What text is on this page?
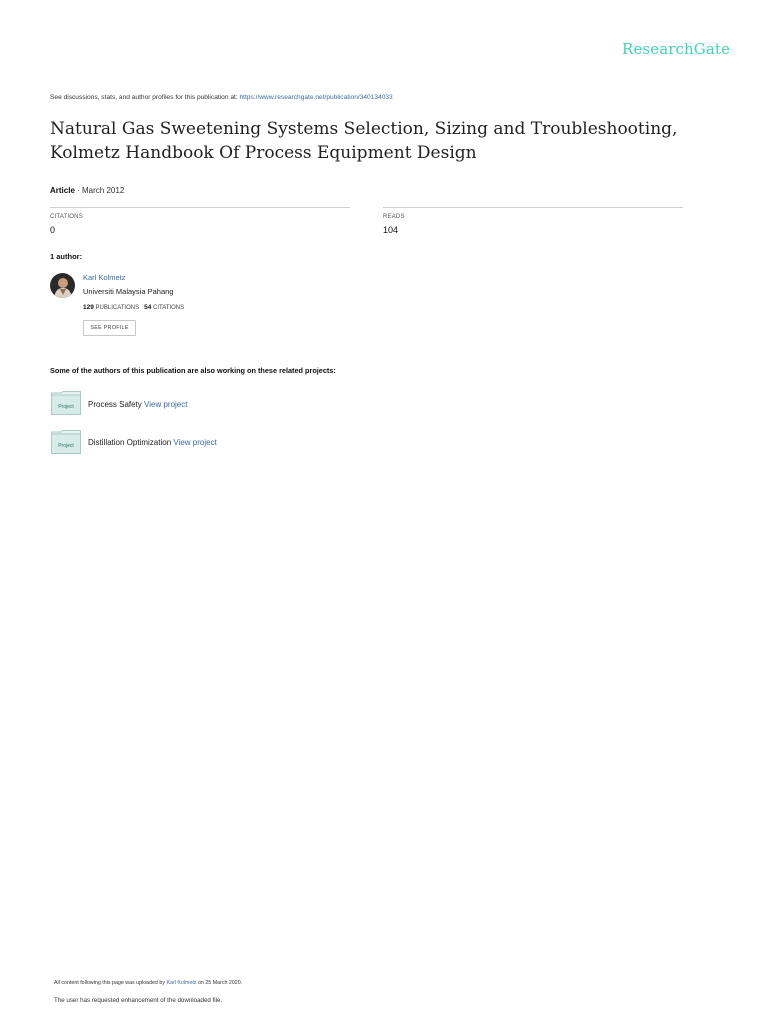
ResearchGate
See discussions, stats, and author profiles for this publication at: https://www.researchgate.net/publication/340134033
Natural Gas Sweetening Systems Selection, Sizing and Troubleshooting, Kolmetz Handbook Of Process Equipment Design
Article · March 2012
CITATIONS
0
READS
104
1 author:
Karl Kolmetz
Universiti Malaysia Pahang
129 PUBLICATIONS 54 CITATIONS
SEE PROFILE
Some of the authors of this publication are also working on these related projects:
Project Process Safety View project
Project Distillation Optimization View project
All content following this page was uploaded by Karl Kolmetz on 25 March 2020.
The user has requested enhancement of the downloaded file.
